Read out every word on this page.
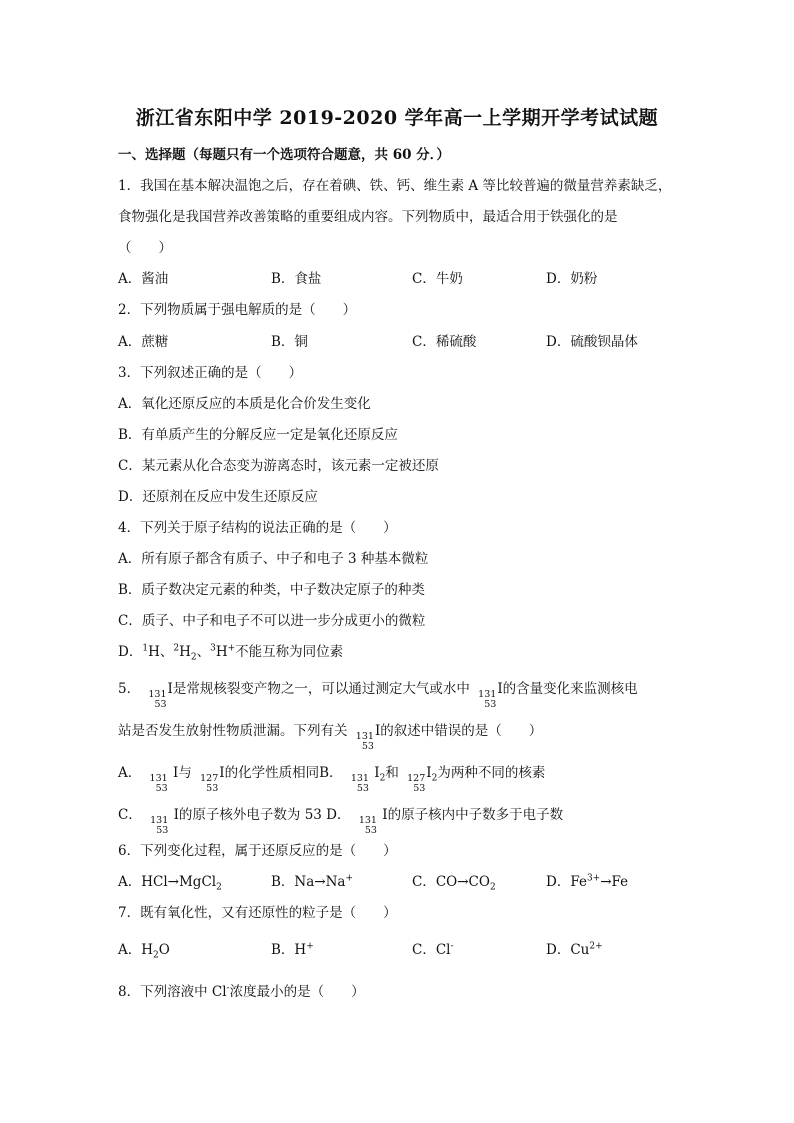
浙江省东阳中学 2019-2020 学年高一上学期开学考试试题
一、选择题（每题只有一个选项符合题意，共 60 分．）
1．我国在基本解决温饱之后，存在着碘、铁、钙、维生素 A 等比较普遍的微量营养素缺乏，
食物强化是我国营养改善策略的重要组成内容。下列物质中，最适合用于铁强化的是
（　　）
A．酱油	B．食盐	C．牛奶	D．奶粉
2．下列物质属于强电解质的是（　　）
A．蔗糖	B．铜	C．稀硫酸	D．硫酸钡晶体
3．下列叙述正确的是（　　）
A．氧化还原反应的本质是化合价发生变化
B．有单质产生的分解反应一定是氧化还原反应
C．某元素从化合态变为游离态时，该元素一定被还原
D．还原剂在反应中发生还原反应
4．下列关于原子结构的说法正确的是（　　）
A．所有原子都含有质子、中子和电子 3 种基本微粒
B．质子数决定元素的种类，中子数决定原子的种类
C．质子、中子和电子不可以进一步分成更小的微粒
D．$^1$H、$^2H_2$、$^3$H+不能互称为同位素
5． 131
53
I是常规核裂变产物之一，可以通过测定大气或水中 131
53
I的含量变化来监测核电
站是否发生放射性物质泄漏。下列有关 131
53
I的叙述中错误的是（　　）
A． 131
53
I与 127
53
I的化学性质相同B． 131
53
$I_2$和 127
53
$I_2$为两种不同的核素
C． 131
53
I的原子核外电子数为 53 D． 131
53
I的原子核内中子数多于电子数
6．下列变化过程，属于还原反应的是（　　）
A．HCl→MgCl$_2$	B．Na→Na+	C．$CO\to CO_2$	D．$Fe^{3+}\to Fe$
7．既有氧化性，又有还原性的粒子是（　　）
A．$H_2O$	B．H+	C．Cl-	D．$Cu^{2+}$
8．下列溶液中 Cl-浓度最小的是（　　）
